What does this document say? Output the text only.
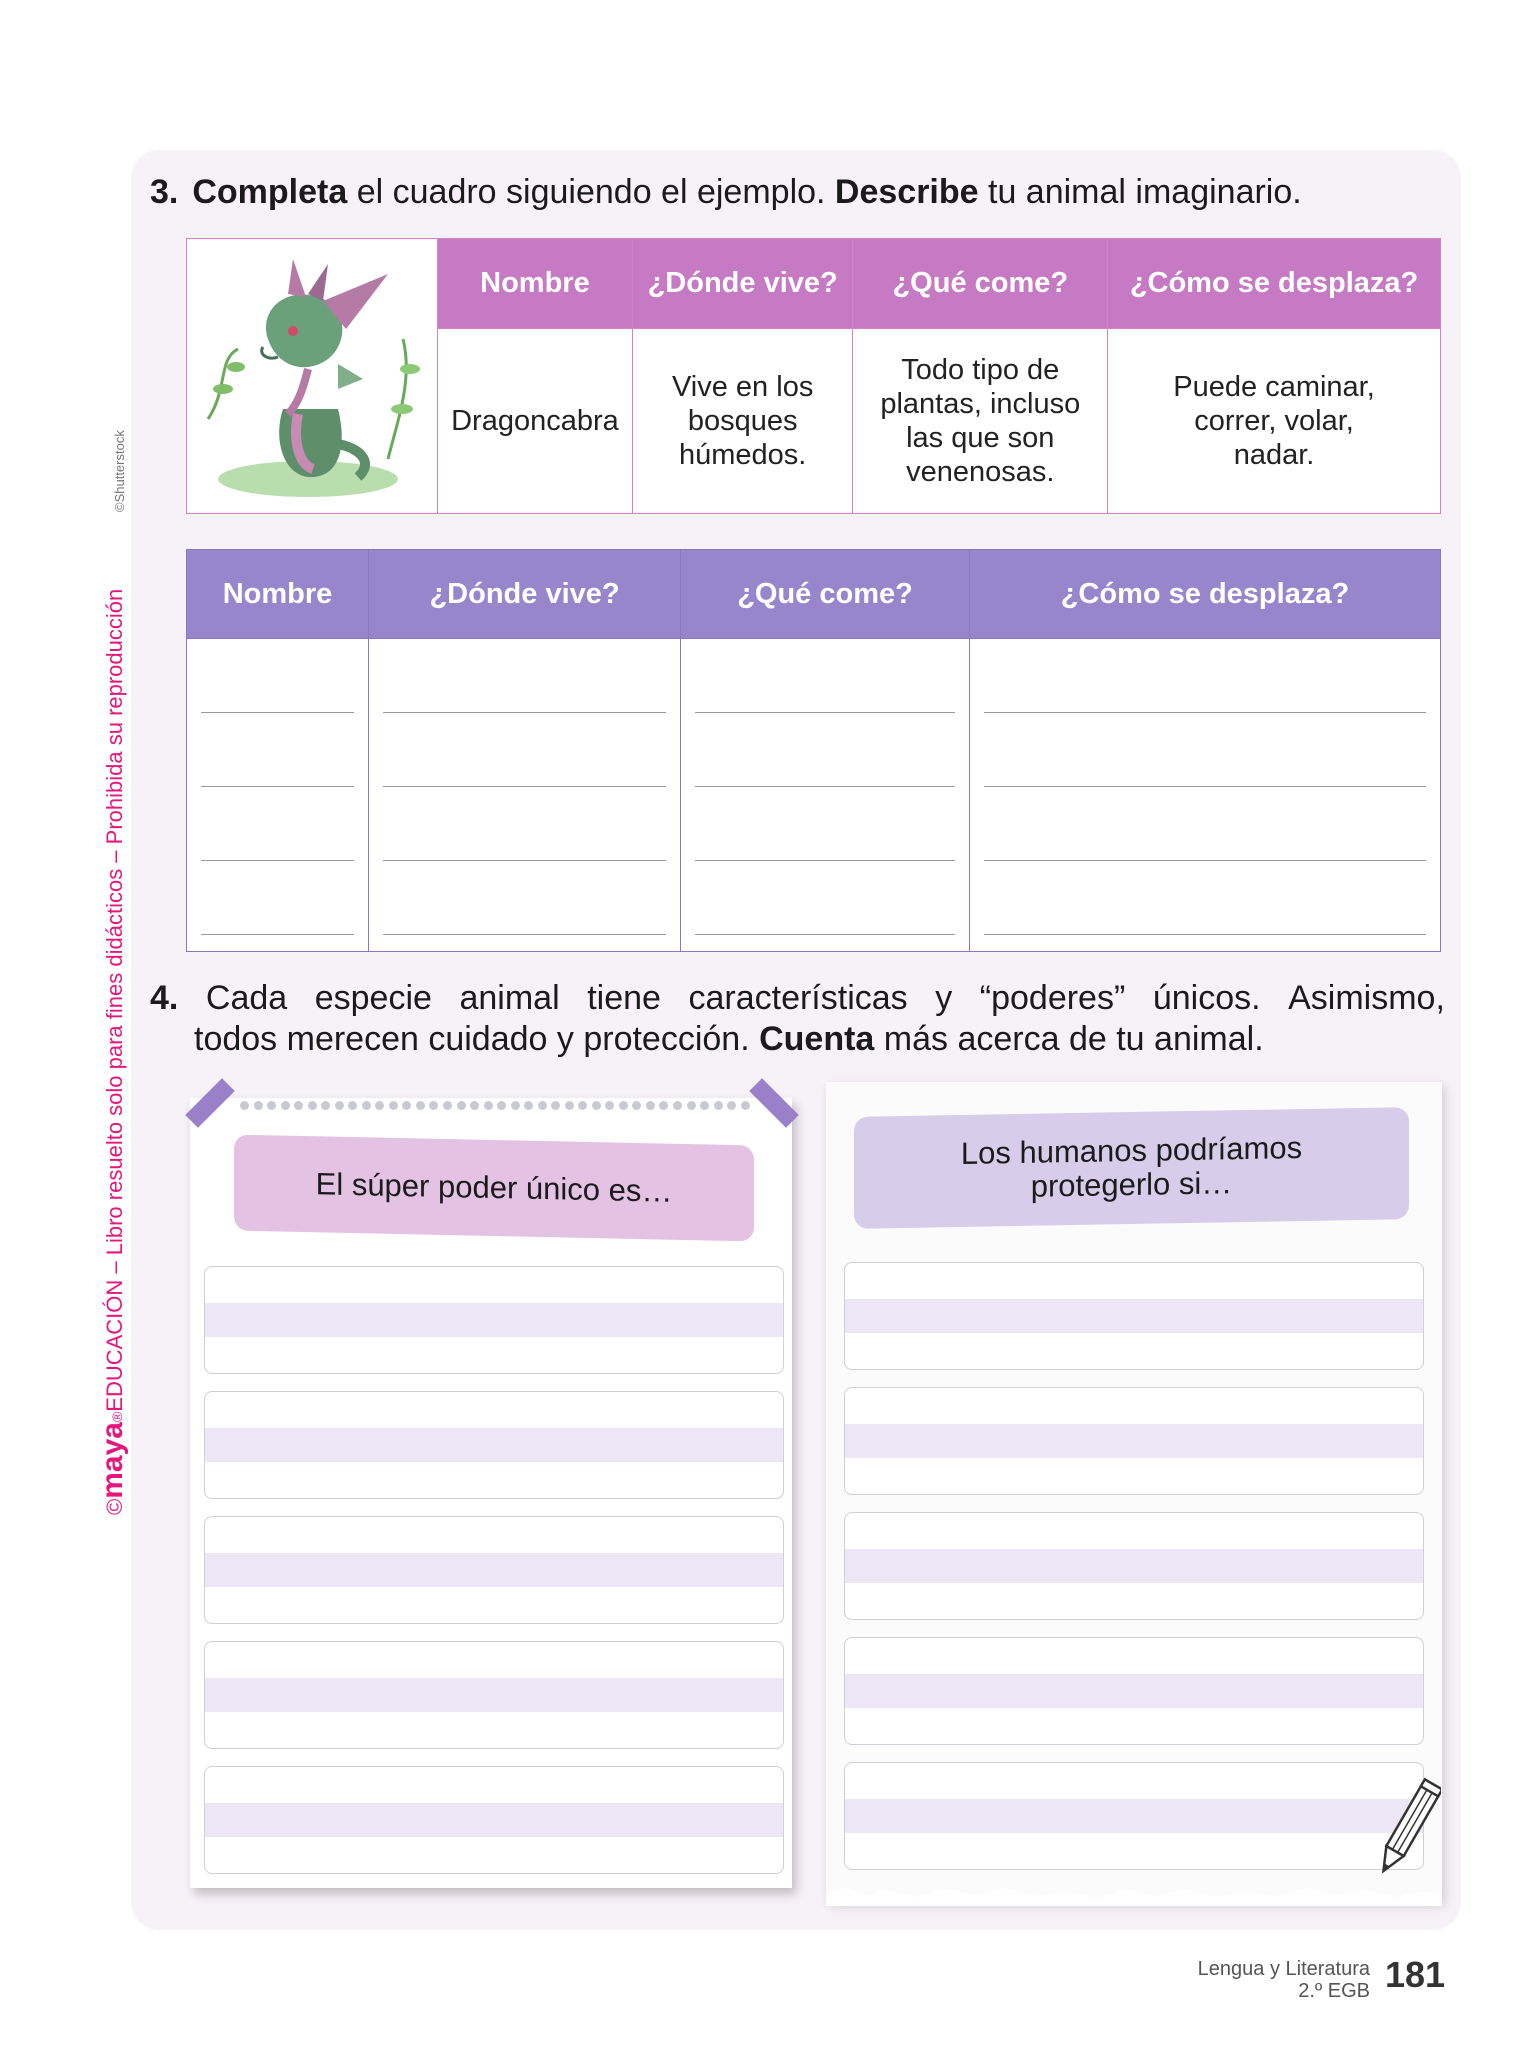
©maya®EDUCACIÓN – Libro resuelto solo para fines didácticos – Prohibida su reproducción
©Shutterstock
3. Completa el cuadro siguiendo el ejemplo. Describe tu animal imaginario.
	Nombre	¿Dónde vive?	¿Qué come?	¿Cómo se desplaza?
	Dragoncabra	Vive en los bosques húmedos.	Todo tipo de plantas, incluso las que son venenosas.	Puede caminar, correr, volar, nadar.
Nombre	¿Dónde vive?	¿Qué come?	¿Cómo se desplaza?

4. Cada especie animal tiene características y “poderes” únicos. Asimismo,
todos merecen cuidado y protección. Cuenta más acerca de tu animal.
El súper poder único es…
Los humanos podríamos protegerlo si…
Lengua y Literatura
2.º EGB 181
